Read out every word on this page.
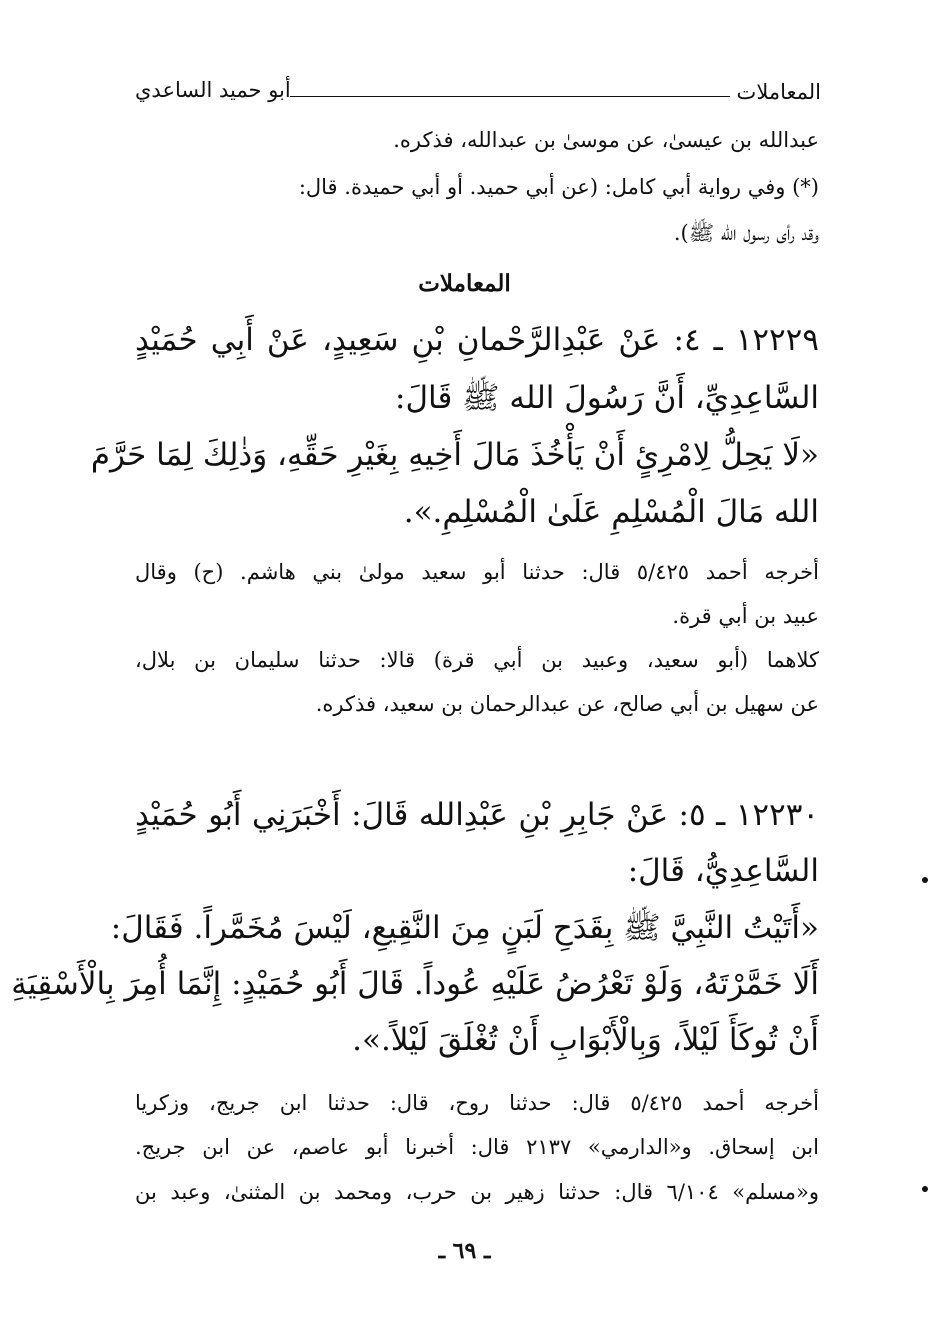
أبو حميد الساعدي	المعاملات
عبدالله بن عيسىٰ، عن موسىٰ بن عبدالله، فذكره.
(*) وفي رواية أبي كامل: (عن أبي حميد. أو أبي حميدة. قال:
وقد رأى رسول الله ﷺ).
المعاملات
١٢٢٢٩ ـ ٤: عَنْ عَبْدِالرَّحْمانِ بْنِ سَعِيدٍ، عَنْ أَبِي حُمَيْدٍ
السَّاعِدِيِّ، أَنَّ رَسُولَ الله ﷺ قَالَ:
«لَا يَحِلُّ لِامْرِئٍ أَنْ يَأْخُذَ مَالَ أَخِيهِ بِغَيْرِ حَقِّهِ، وَذٰلِكَ لِمَا حَرَّمَ
الله مَالَ الْمُسْلِمِ عَلَىٰ الْمُسْلِمِ.».
أخرجه أحمد ٥/٤٢٥ قال: حدثنا أبو سعيد مولىٰ بني هاشم. (ح) وقال
عبيد بن أبي قرة.
كلاهما (أبو سعيد، وعبيد بن أبي قرة) قالا: حدثنا سليمان بن بلال،
عن سهيل بن أبي صالح، عن عبدالرحمان بن سعيد، فذكره.
١٢٢٣٠ ـ ٥: عَنْ جَابِرِ بْنِ عَبْدِالله قَالَ: أَخْبَرَنِي أَبُو حُمَيْدٍ
السَّاعِدِيُّ، قَالَ:
«أَتَيْتُ النَّبِيَّ ﷺ بِقَدَحِ لَبَنٍ مِنَ النَّقِيعِ، لَيْسَ مُخَمَّراً. فَقَالَ:
أَلَا خَمَّرْتَهُ، وَلَوْ تَعْرُضُ عَلَيْهِ عُوداً. قَالَ أَبُو حُمَيْدٍ: إِنَّمَا أُمِرَ بِالْأَسْقِيَةِ
أَنْ تُوكَأَ لَيْلاً، وَبِالْأَبْوَابِ أَنْ تُغْلَقَ لَيْلاً.».
أخرجه أحمد ٥/٤٢٥ قال: حدثنا روح، قال: حدثنا ابن جريج، وزكريا
ابن إسحاق. و«الدارمي» ٢١٣٧ قال: أخبرنا أبو عاصم، عن ابن جريج.
و«مسلم» ٦/١٠٤ قال: حدثنا زهير بن حرب، ومحمد بن المثنىٰ، وعبد بن
ـ ٦٩ ـ
